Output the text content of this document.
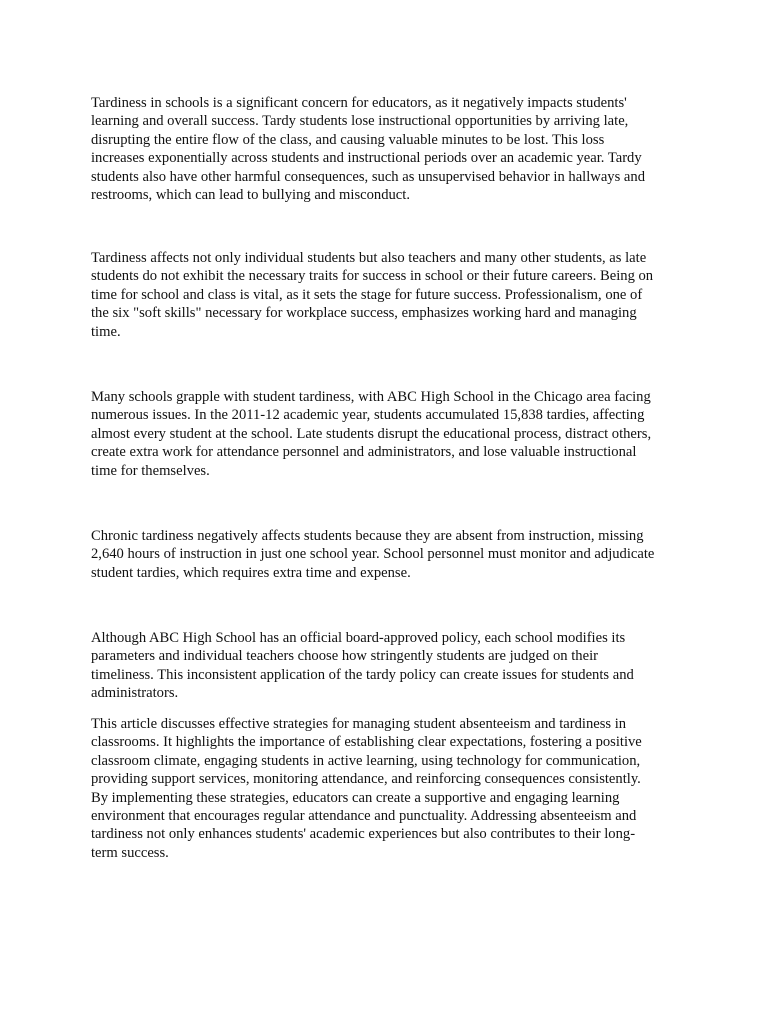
Tardiness in schools is a significant concern for educators, as it negatively impacts students'
learning and overall success. Tardy students lose instructional opportunities by arriving late,
disrupting the entire flow of the class, and causing valuable minutes to be lost. This loss
increases exponentially across students and instructional periods over an academic year. Tardy
students also have other harmful consequences, such as unsupervised behavior in hallways and
restrooms, which can lead to bullying and misconduct.

Tardiness affects not only individual students but also teachers and many other students, as late
students do not exhibit the necessary traits for success in school or their future careers. Being on
time for school and class is vital, as it sets the stage for future success. Professionalism, one of
the six "soft skills" necessary for workplace success, emphasizes working hard and managing
time.

Many schools grapple with student tardiness, with ABC High School in the Chicago area facing
numerous issues. In the 2011-12 academic year, students accumulated 15,838 tardies, affecting
almost every student at the school. Late students disrupt the educational process, distract others,
create extra work for attendance personnel and administrators, and lose valuable instructional
time for themselves.

Chronic tardiness negatively affects students because they are absent from instruction, missing
2,640 hours of instruction in just one school year. School personnel must monitor and adjudicate
student tardies, which requires extra time and expense.

Although ABC High School has an official board-approved policy, each school modifies its
parameters and individual teachers choose how stringently students are judged on their
timeliness. This inconsistent application of the tardy policy can create issues for students and
administrators.

This article discusses effective strategies for managing student absenteeism and tardiness in
classrooms. It highlights the importance of establishing clear expectations, fostering a positive
classroom climate, engaging students in active learning, using technology for communication,
providing support services, monitoring attendance, and reinforcing consequences consistently.
By implementing these strategies, educators can create a supportive and engaging learning
environment that encourages regular attendance and punctuality. Addressing absenteeism and
tardiness not only enhances students' academic experiences but also contributes to their long-
term success.
